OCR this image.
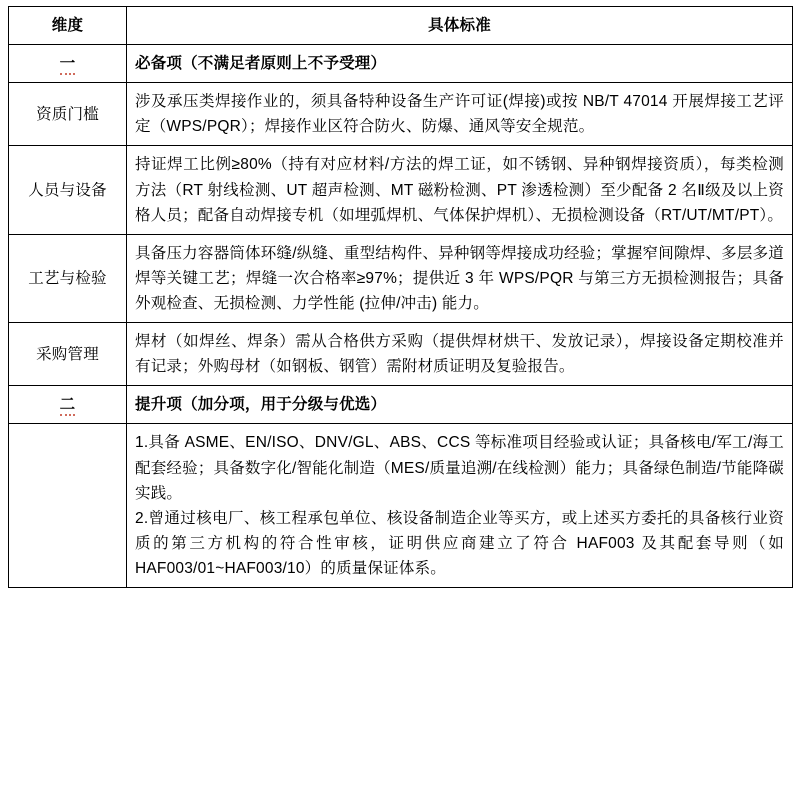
维度	具体标准
一	必备项（不满足者原则上不予受理）
资质门槛	涉及承压类焊接作业的，须具备特种设备生产许可证(焊接)或按 NB/T 47014 开展焊接工艺评定（WPS/PQR）；焊接作业区符合防火、防爆、通风等安全规范。
人员与设备	持证焊工比例≥80%（持有对应材料/方法的焊工证，如不锈钢、异种钢焊接资质），每类检测方法（RT 射线检测、UT 超声检测、MT 磁粉检测、PT 渗透检测）至少配备 2 名Ⅱ级及以上资格人员；配备自动焊接专机（如埋弧焊机、气体保护焊机）、无损检测设备（RT/UT/MT/PT）。
工艺与检验	具备压力容器筒体环缝/纵缝、重型结构件、异种钢等焊接成功经验；掌握窄间隙焊、多层多道焊等关键工艺；焊缝一次合格率≥97%；提供近 3 年 WPS/PQR 与第三方无损检测报告；具备外观检查、无损检测、力学性能 (拉伸/冲击) 能力。
采购管理	焊材（如焊丝、焊条）需从合格供方采购（提供焊材烘干、发放记录），焊接设备定期校准并有记录；外购母材（如钢板、钢管）需附材质证明及复验报告。
二	提升项（加分项，用于分级与优选）

	1.具备 ASME、EN/ISO、DNV/GL、ABS、CCS 等标准项目经验或认证；具备核电/军工/海工配套经验；具备数字化/智能化制造（MES/质量追溯/在线检测）能力；具备绿色制造/节能降碳实践。

2.曾通过核电厂、核工程承包单位、核设备制造企业等买方，或上述买方委托的具备核行业资质的第三方机构的符合性审核，证明供应商建立了符合 HAF003 及其配套导则（如 HAF003/01~HAF003/10）的质量保证体系。
